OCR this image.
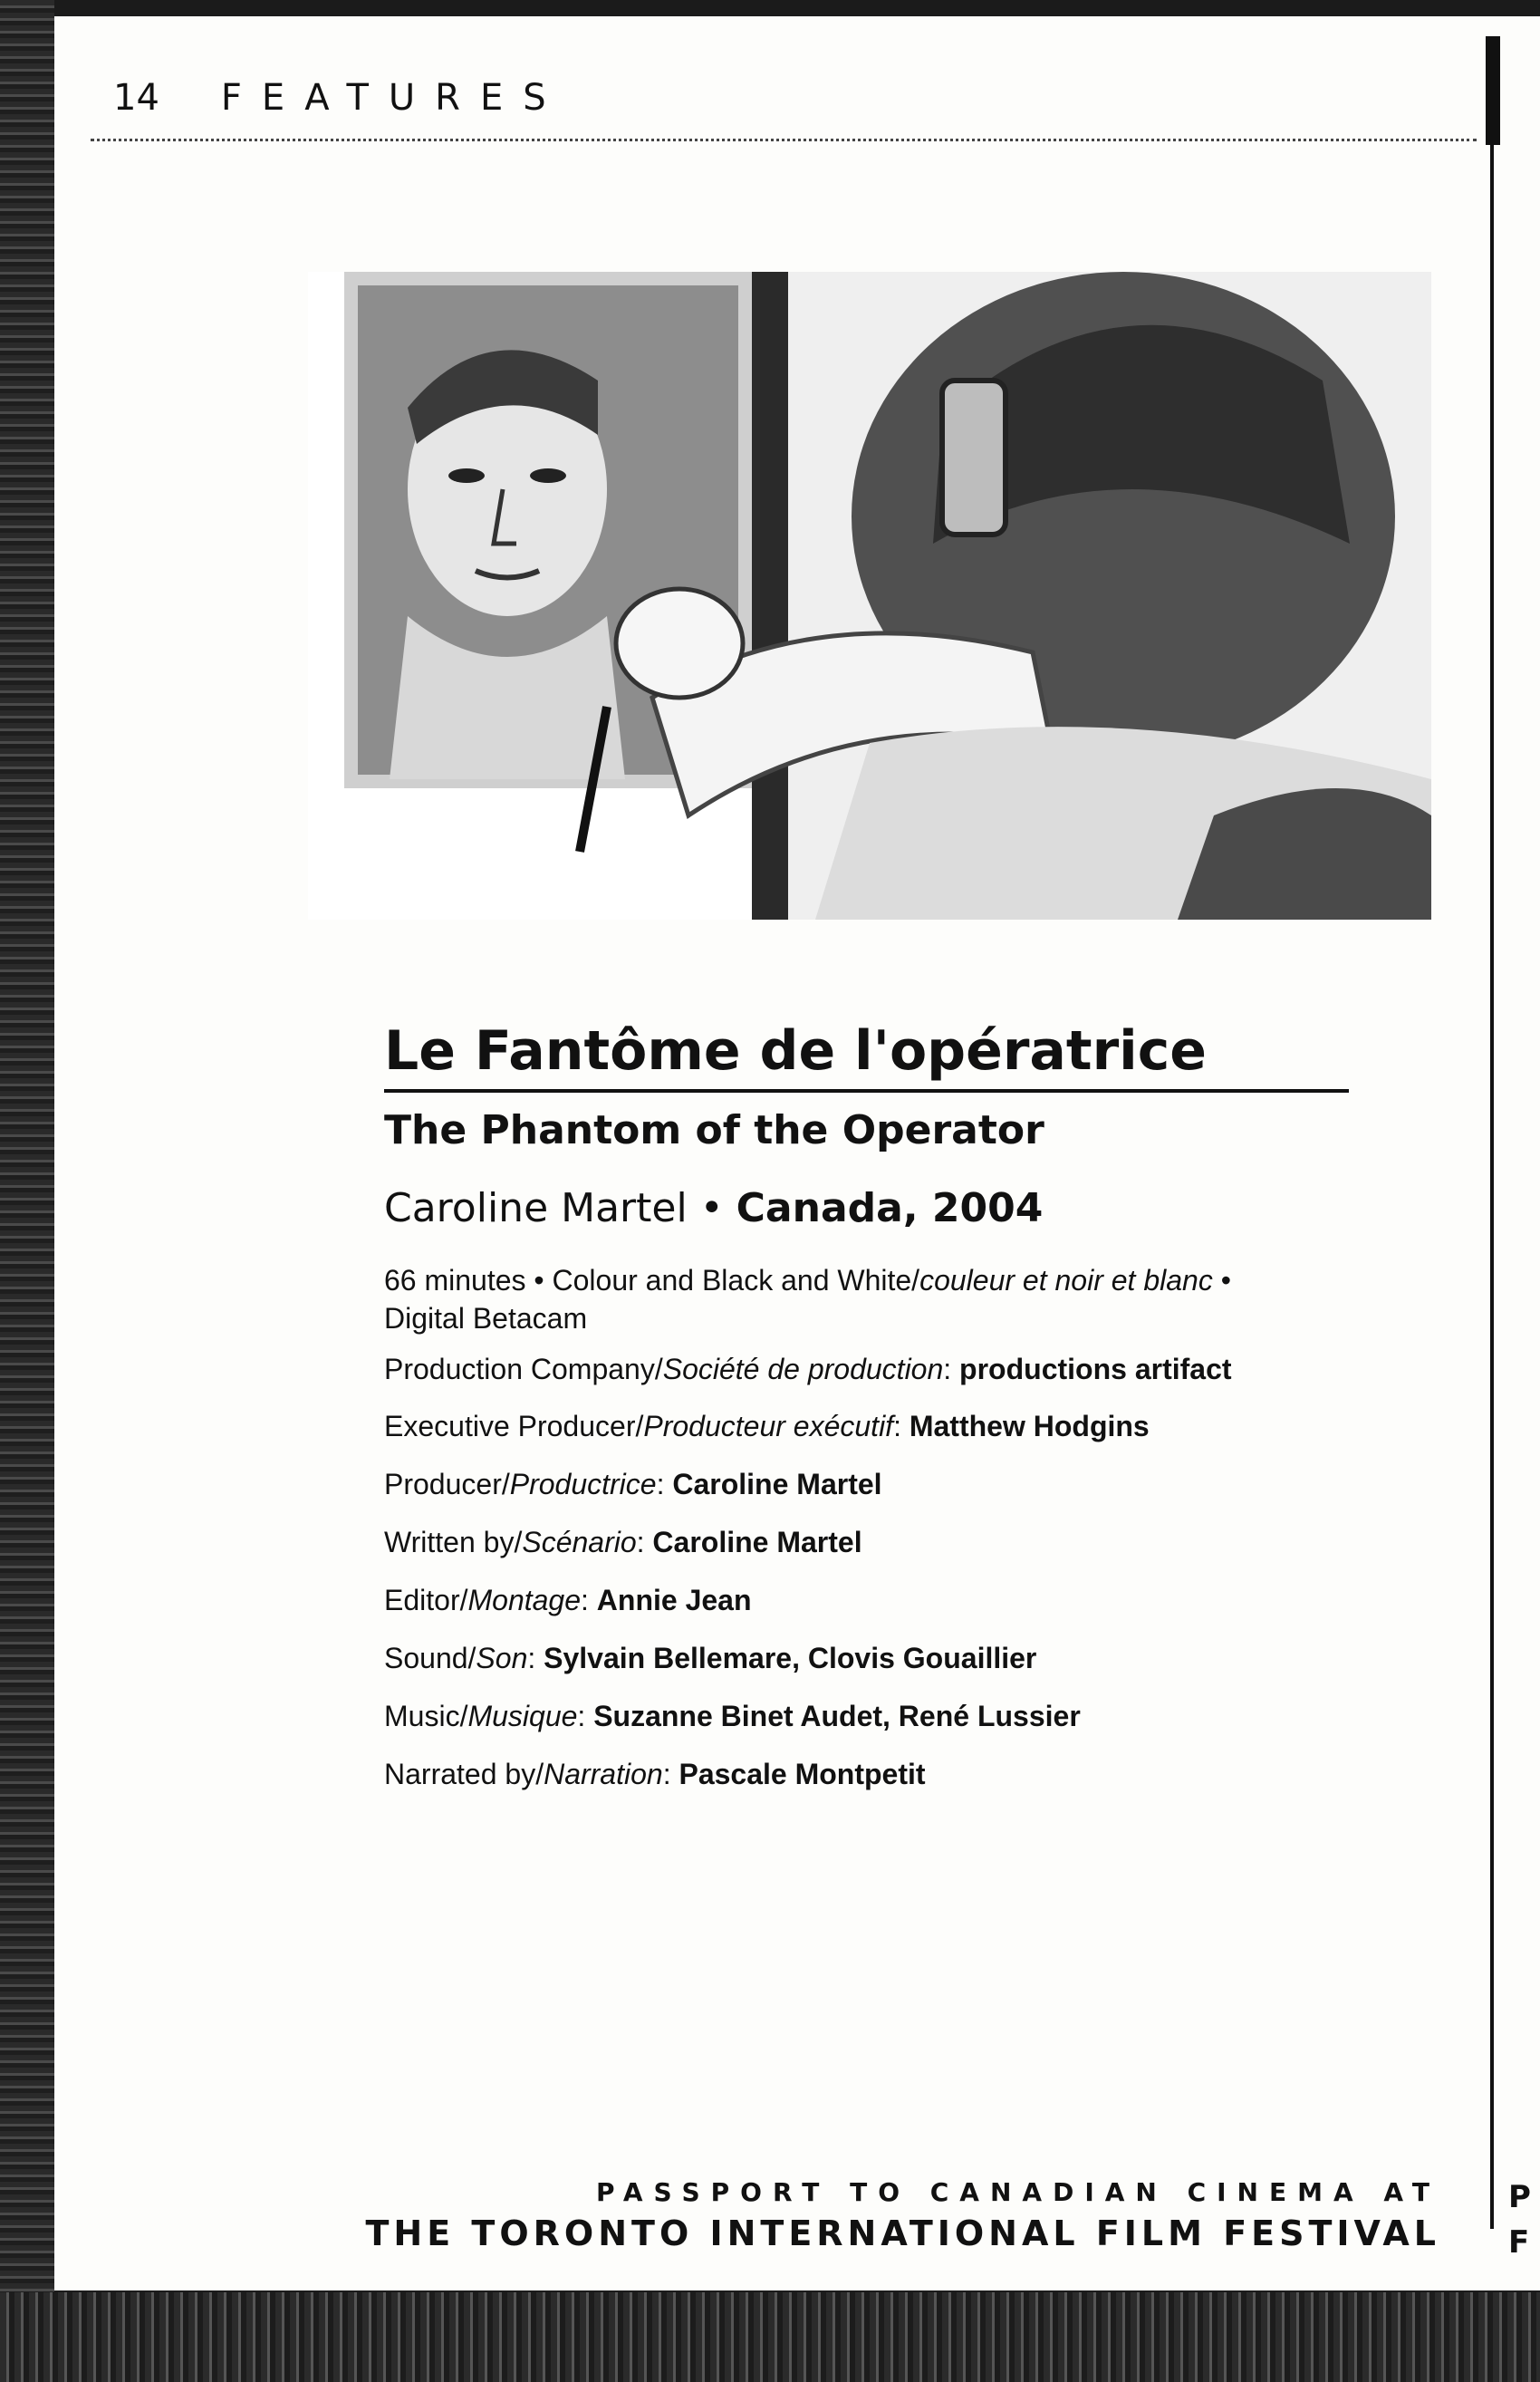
P
F
14 FEATURES
Le Fantôme de l'opératrice
The Phantom of the Operator

Caroline Martel • Canada, 2004

66 minutes • Colour and Black and White/couleur et noir et blanc •
Digital Betacam
Production Company/Société de production: productions artifact
Executive Producer/Producteur exécutif: Matthew Hodgins
Producer/Productrice: Caroline Martel
Written by/Scénario: Caroline Martel
Editor/Montage: Annie Jean
Sound/Son: Sylvain Bellemare, Clovis Gouaillier
Music/Musique: Suzanne Binet Audet, René Lussier
Narrated by/Narration: Pascale Montpetit
PASSPORT TO CANADIAN CINEMA AT
THE TORONTO INTERNATIONAL FILM FESTIVAL
